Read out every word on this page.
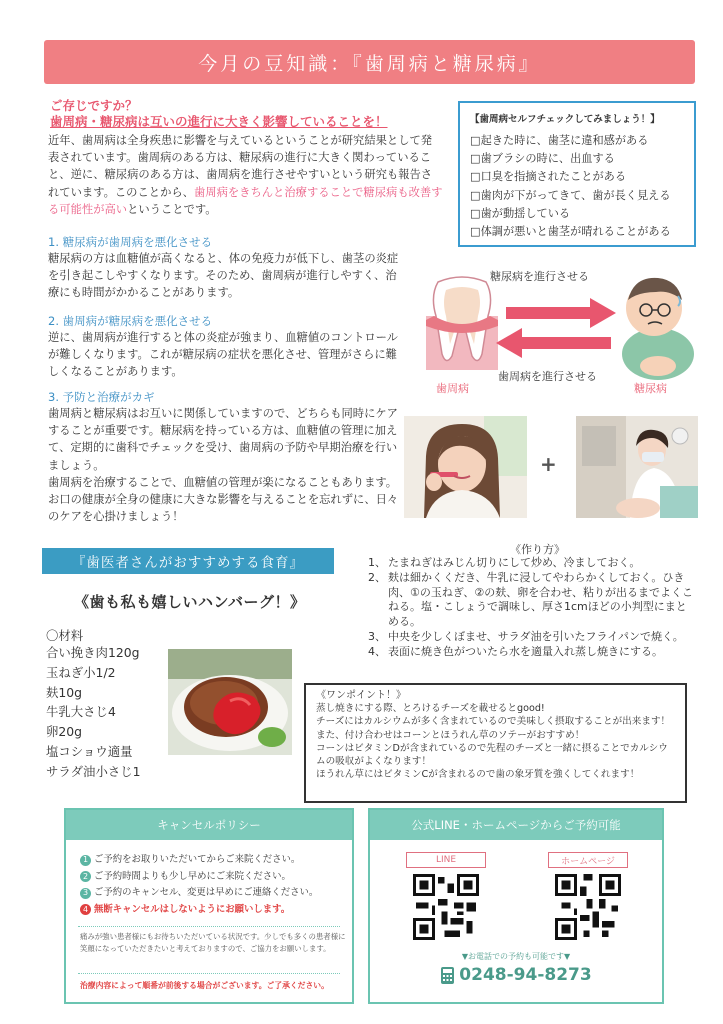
今月の豆知識：『歯周病と糖尿病』
ご存じですか？
歯周病・糖尿病は互いの進行に大きく影響していることを！

近年、歯周病は全身疾患に影響を与えているということが研究結果として発表されています。歯周病のある方は、糖尿病の進行に大きく関わっていること、逆に、糖尿病のある方は、歯周病を進行させやすいという研究も報告されています。このことから、歯周病をきちんと治療することで糖尿病も改善する可能性が高いということです。

1. 糖尿病が歯周病を悪化させる

糖尿病の方は血糖値が高くなると、体の免疫力が低下し、歯茎の炎症を引き起こしやすくなります。そのため、歯周病が進行しやすく、治療にも時間がかかることがあります。

2. 歯周病が糖尿病を悪化させる

逆に、歯周病が進行すると体の炎症が強まり、血糖値のコントロールが難しくなります。これが糖尿病の症状を悪化させ、管理がさらに難しくなることがあります。

3. 予防と治療がカギ

歯周病と糖尿病はお互いに関係していますので、どちらも同時にケアすることが重要です。糖尿病を持っている方は、血糖値の管理に加えて、定期的に歯科でチェックを受け、歯周病の予防や早期治療を行いましょう。
歯周病を治療することで、血糖値の管理が楽になることもあります。
お口の健康が全身の健康に大きな影響を与えることを忘れずに、日々のケアを心掛けましょう！

【歯周病セルフチェックしてみましょう！】
□起きた時に、歯茎に違和感がある
□歯ブラシの時に、出血する
□口臭を指摘されたことがある
□歯肉が下がってきて、歯が長く見える
□歯が動揺している
□体調が悪いと歯茎が晴れることがある
糖尿病を進行させる
歯周病を進行させる
歯周病	糖尿病
+
『歯医者さんがおすすめする食育』
《歯も私も嬉しいハンバーグ！》
〇材料
合い挽き肉120g
玉ねぎ小1/2
麸10g
牛乳大さじ4
卵20g
塩コショウ適量
サラダ油小さじ1
《作り方》
1、 たまねぎはみじん切りにして炒め、冷ましておく。
2、 麸は細かくくだき、牛乳に浸してやわらかくしておく。ひき肉、①の玉ねぎ、②の麸、卵を合わせ、粘りが出るまでよくこねる。塩・こしょうで調味し、厚さ1cmほどの小判型にまとめる。
3、 中央を少しくぼませ、サラダ油を引いたフライパンで焼く。
4、 表面に焼き色がついたら水を適量入れ蒸し焼きにする。
《ワンポイント！》
蒸し焼きにする際、とろけるチーズを載せるとgood!
チーズにはカルシウムが多く含まれているので美味しく摂取することが出来ます！
また、付け合わせはコーンとほうれん草のソテーがおすすめ！
コーンはビタミンDが含まれているので先程のチーズと一緒に摂ることでカルシウムの吸収がよくなります！
ほうれん草にはビタミンCが含まれるので歯の象牙質を強くしてくれます！
キャンセルポリシー
1 ご予約をお取りいただいてからご来院ください。
2 ご予約時間よりも少し早めにご来院ください。
3 ご予約のキャンセル、変更は早めにご連絡ください。
4 無断キャンセルはしないようにお願いします。

痛みが強い患者様にもお待ちいただいている状況です。少しでも多くの患者様に笑顔になっていただきたいと考えておりますので、ご協力をお願いします。

治療内容によって順番が前後する場合がございます。ご了承ください。
公式LINE・ホームページからご予約可能
LINE	ホームページ
▼お電話での予約も可能です▼
0248-94-8273
